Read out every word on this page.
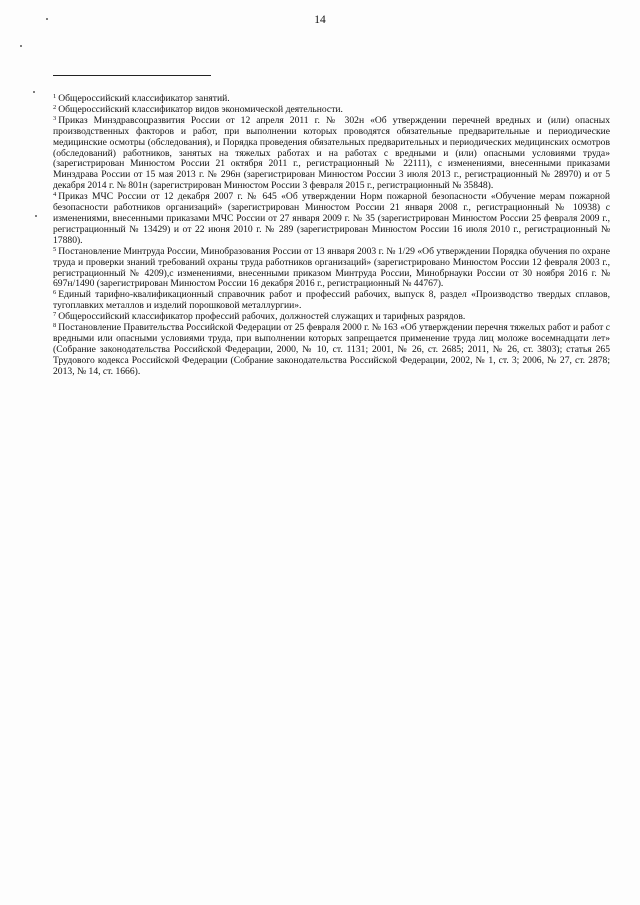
14

$^1$ Общероссийский классификатор занятий.

$^2$ Общероссийский классификатор видов экономической деятельности.

$^3$ Приказ Минздравсоцразвития России от 12 апреля 2011 г. № 302н «Об утверждении перечней вредных и (или) опасных производственных факторов и работ, при выполнении которых проводятся обязательные предварительные и периодические медицинские осмотры (обследования), и Порядка проведения обязательных предварительных и периодических медицинских осмотров (обследований) работников, занятых на тяжелых работах и на работах с вредными и (или) опасными условиями труда» (зарегистрирован Минюстом России 21 октября 2011 г., регистрационный № 22111), с изменениями, внесенными приказами Минздрава России от 15 мая 2013 г. № 296н (зарегистрирован Минюстом России 3 июля 2013 г., регистрационный № 28970) и от 5 декабря 2014 г. № 801н (зарегистрирован Минюстом России 3 февраля 2015 г., регистрационный № 35848).

$^4$ Приказ МЧС России от 12 декабря 2007 г. № 645 «Об утверждении Норм пожарной безопасности «Обучение мерам пожарной безопасности работников организаций» (зарегистрирован Минюстом России 21 января 2008 г., регистрационный № 10938) с изменениями, внесенными приказами МЧС России от 27 января 2009 г. № 35 (зарегистрирован Минюстом России 25 февраля 2009 г., регистрационный № 13429) и от 22 июня 2010 г. № 289 (зарегистрирован Минюстом России 16 июля 2010 г., регистрационный № 17880).

$^5$ Постановление Минтруда России, Минобразования России от 13 января 2003 г. № 1/29 «Об утверждении Порядка обучения по охране труда и проверки знаний требований охраны труда работников организаций» (зарегистрировано Минюстом России 12 февраля 2003 г., регистрационный № 4209),с изменениями, внесенными приказом Минтруда России, Минобрнауки России от 30 ноября 2016 г. № 697н/1490 (зарегистрирован Минюстом России 16 декабря 2016 г., регистрационный № 44767).

$^6$ Единый тарифно-квалификационный справочник работ и профессий рабочих, выпуск 8, раздел «Производство твердых сплавов, тугоплавких металлов и изделий порошковой металлургии».

$^7$ Общероссийский классификатор профессий рабочих, должностей служащих и тарифных разрядов.

$^8$ Постановление Правительства Российской Федерации от 25 февраля 2000 г. № 163 «Об утверждении перечня тяжелых работ и работ с вредными или опасными условиями труда, при выполнении которых запрещается применение труда лиц моложе восемнадцати лет» (Собрание законодательства Российской Федерации, 2000, № 10, ст. 1131; 2001, № 26, ст. 2685; 2011, № 26, ст. 3803); статья 265 Трудового кодекса Российской Федерации (Собрание законодательства Российской Федерации, 2002, № 1, ст. 3; 2006, № 27, ст. 2878; 2013, № 14, ст. 1666).
